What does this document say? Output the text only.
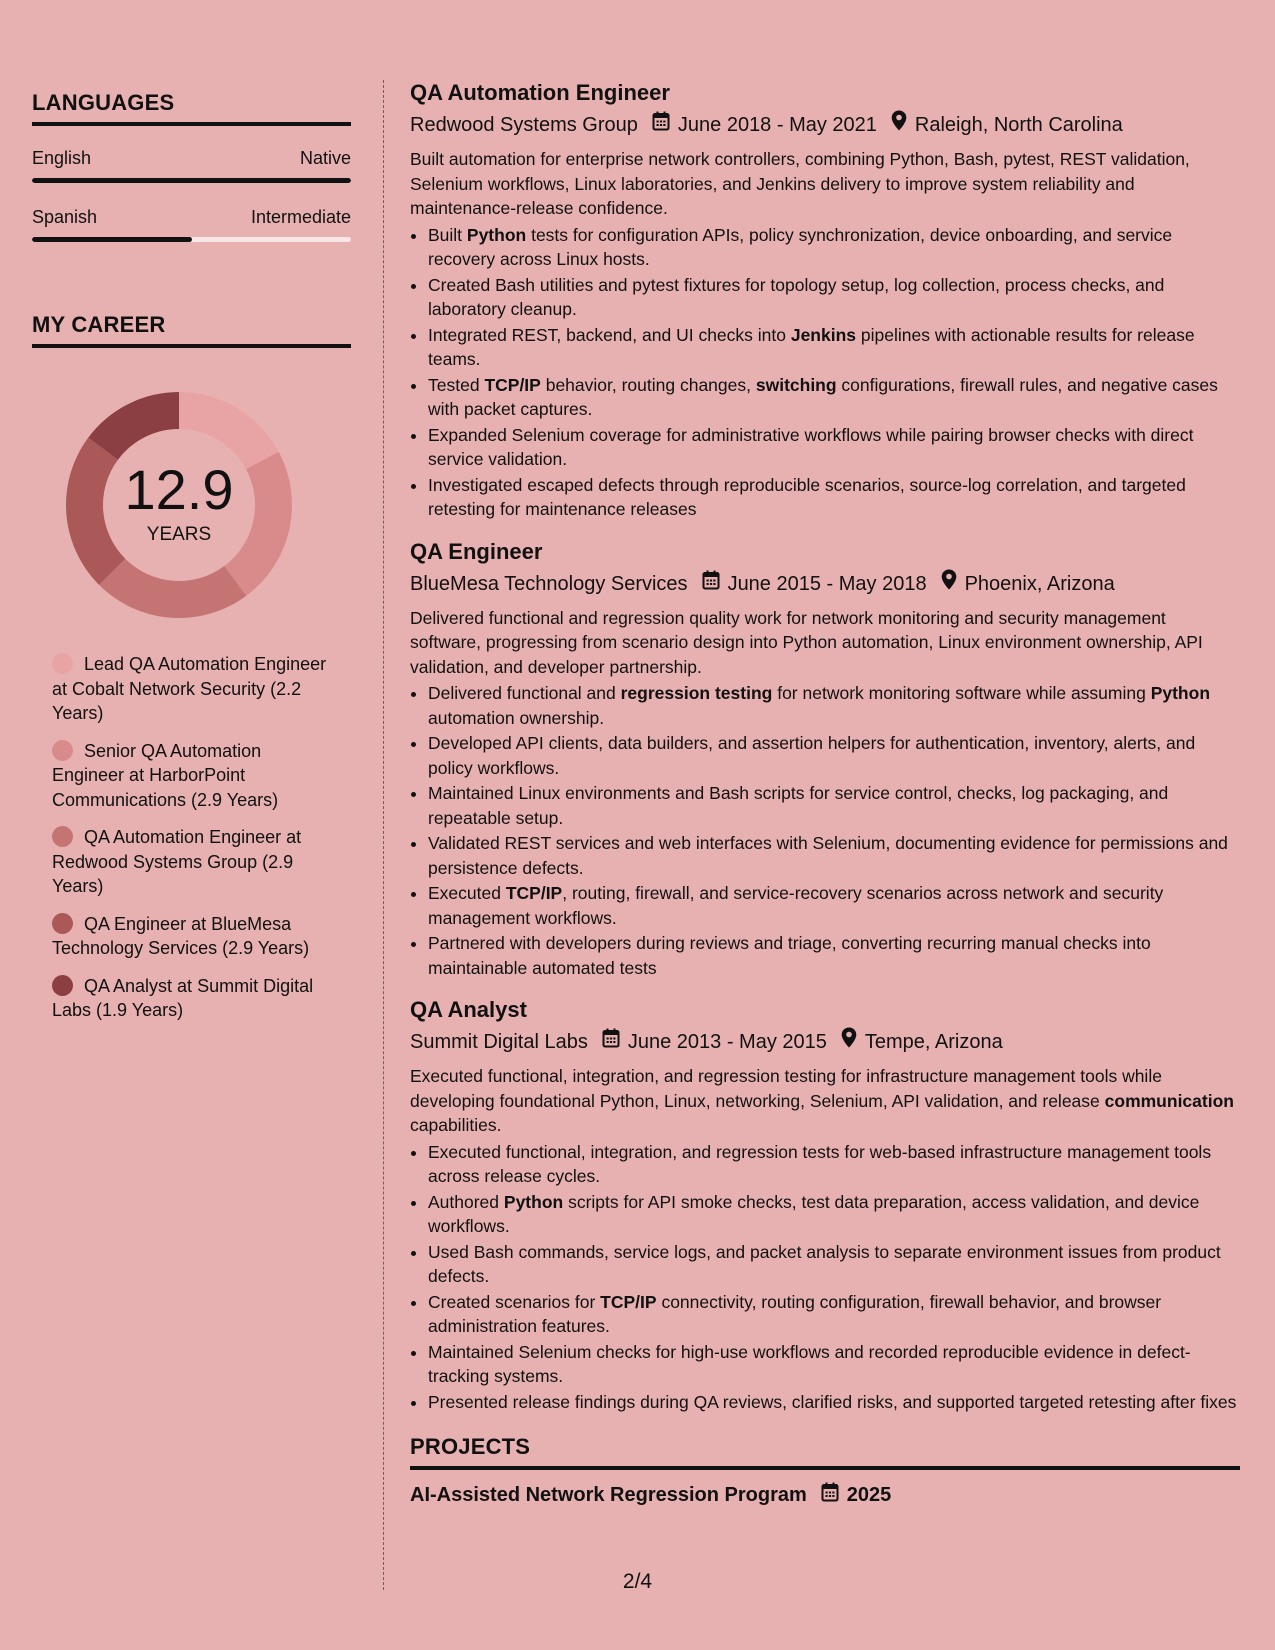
LANGUAGES
English	Native
Spanish	Intermediate
MY CAREER
12.9
YEARS
Lead QA Automation Engineer at Cobalt Network Security (2.2 Years)
Senior QA Automation Engineer at HarborPoint Communications (2.9 Years)
QA Automation Engineer at Redwood Systems Group (2.9 Years)
QA Engineer at BlueMesa Technology Services (2.9 Years)
QA Analyst at Summit Digital Labs (1.9 Years)
QA Automation Engineer
Redwood Systems Group June 2018 - May 2021 Raleigh, North Carolina
Built automation for enterprise network controllers, combining Python, Bash, pytest, REST validation, Selenium workflows, Linux laboratories, and Jenkins delivery to improve system reliability and maintenance-release confidence.
• Built Python tests for configuration APIs, policy synchronization, device onboarding, and service recovery across Linux hosts.
• Created Bash utilities and pytest fixtures for topology setup, log collection, process checks, and laboratory cleanup.
• Integrated REST, backend, and UI checks into Jenkins pipelines with actionable results for release teams.
• Tested TCP/IP behavior, routing changes, switching configurations, firewall rules, and negative cases with packet captures.
• Expanded Selenium coverage for administrative workflows while pairing browser checks with direct service validation.
• Investigated escaped defects through reproducible scenarios, source-log correlation, and targeted retesting for maintenance releases
QA Engineer
BlueMesa Technology Services June 2015 - May 2018 Phoenix, Arizona
Delivered functional and regression quality work for network monitoring and security management software, progressing from scenario design into Python automation, Linux environment ownership, API validation, and developer partnership.
• Delivered functional and regression testing for network monitoring software while assuming Python automation ownership.
• Developed API clients, data builders, and assertion helpers for authentication, inventory, alerts, and policy workflows.
• Maintained Linux environments and Bash scripts for service control, checks, log packaging, and repeatable setup.
• Validated REST services and web interfaces with Selenium, documenting evidence for permissions and persistence defects.
• Executed TCP/IP, routing, firewall, and service-recovery scenarios across network and security management workflows.
• Partnered with developers during reviews and triage, converting recurring manual checks into maintainable automated tests
QA Analyst
Summit Digital Labs June 2013 - May 2015 Tempe, Arizona
Executed functional, integration, and regression testing for infrastructure management tools while developing foundational Python, Linux, networking, Selenium, API validation, and release communication capabilities.
• Executed functional, integration, and regression tests for web-based infrastructure management tools across release cycles.
• Authored Python scripts for API smoke checks, test data preparation, access validation, and device workflows.
• Used Bash commands, service logs, and packet analysis to separate environment issues from product defects.
• Created scenarios for TCP/IP connectivity, routing configuration, firewall behavior, and browser administration features.
• Maintained Selenium checks for high-use workflows and recorded reproducible evidence in defect-tracking systems.
• Presented release findings during QA reviews, clarified risks, and supported targeted retesting after fixes
PROJECTS
AI-Assisted Network Regression Program 2025
2/4
